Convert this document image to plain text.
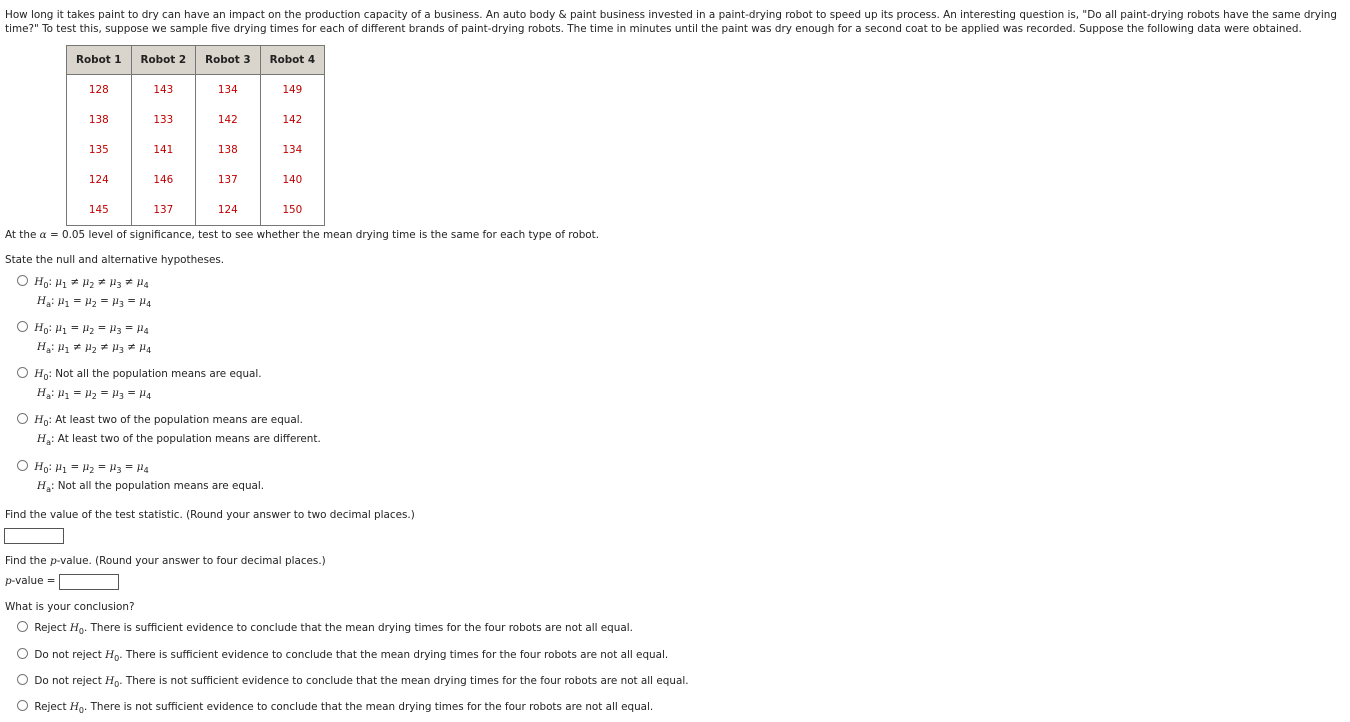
How long it takes paint to dry can have an impact on the production capacity of a business. An auto body & paint business invested in a paint-drying robot to speed up its process. An interesting question is, "Do all paint-drying robots have the same drying time?" To test this, suppose we sample five drying times for each of different brands of paint-drying robots. The time in minutes until the paint was dry enough for a second coat to be applied was recorded. Suppose the following data were obtained.
Robot 1	Robot 2	Robot 3	Robot 4
128	143	134	149
138	133	142	142
135	141	138	134
124	146	137	140
145	137	124	150
At the α = 0.05 level of significance, test to see whether the mean drying time is the same for each type of robot.
State the null and alternative hypotheses.
$H_0$: $\mu_1 \ne \mu_2 \ne \mu_3 \ne \mu_4$
$H_a$: $\mu_1 = \mu_2 = \mu_3 = \mu_4$
$H_0$: $\mu_1 = \mu_2 = \mu_3 = \mu_4$
$H_a$: $\mu_1 \ne \mu_2 \ne \mu_3 \ne \mu_4$
$H_0$: Not all the population means are equal.
$H_a$: $\mu_1 = \mu_2 = \mu_3 = \mu_4$
$H_0$: At least two of the population means are equal.
$H_a$: At least two of the population means are different.
$H_0$: $\mu_1 = \mu_2 = \mu_3 = \mu_4$
$H_a$: Not all the population means are equal.
Find the value of the test statistic. (Round your answer to two decimal places.)
Find the p-value. (Round your answer to four decimal places.)
p-value =
What is your conclusion?
Reject $H_0$. There is sufficient evidence to conclude that the mean drying times for the four robots are not all equal.
Do not reject $H_0$. There is sufficient evidence to conclude that the mean drying times for the four robots are not all equal.
Do not reject $H_0$. There is not sufficient evidence to conclude that the mean drying times for the four robots are not all equal.
Reject $H_0$. There is not sufficient evidence to conclude that the mean drying times for the four robots are not all equal.
